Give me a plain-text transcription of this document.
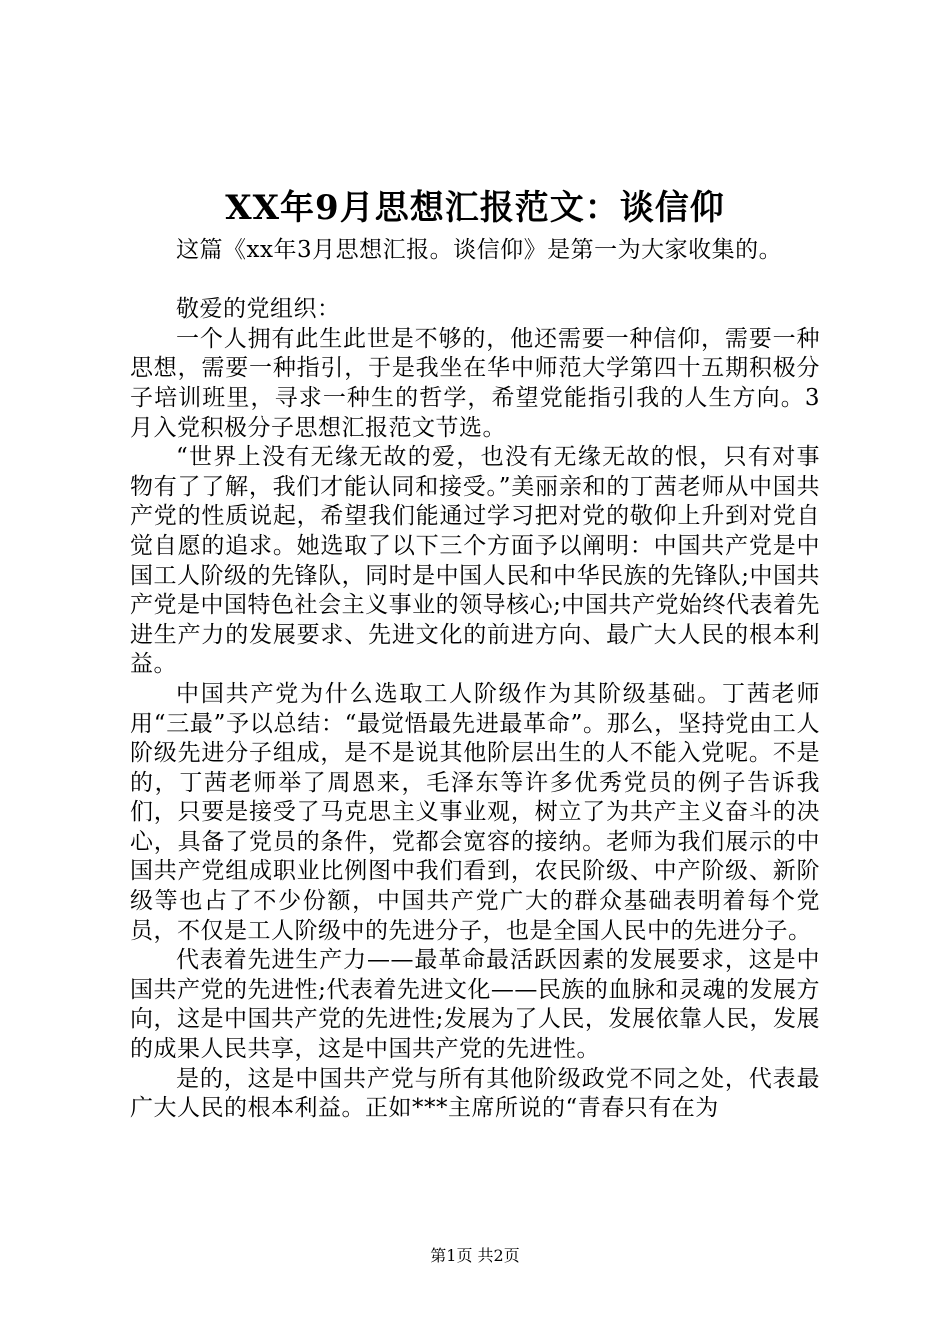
XX年9月思想汇报范文：谈信仰

这篇《xx年3月思想汇报。谈信仰》是第一为大家收集的。

敬爱的党组织：

一个人拥有此生此世是不够的，他还需要一种信仰，需要一种思想，需要一种指引，于是我坐在华中师范大学第四十五期积极分子培训班里，寻求一种生的哲学，希望党能指引我的人生方向。3月入党积极分子思想汇报范文节选。

“世界上没有无缘无故的爱，也没有无缘无故的恨，只有对事物有了了解，我们才能认同和接受。”美丽亲和的丁茜老师从中国共产党的性质说起，希望我们能通过学习把对党的敬仰上升到对党自觉自愿的追求。她选取了以下三个方面予以阐明：中国共产党是中国工人阶级的先锋队，同时是中国人民和中华民族的先锋队;中国共产党是中国特色社会主义事业的领导核心;中国共产党始终代表着先进生产力的发展要求、先进文化的前进方向、最广大人民的根本利益。

中国共产党为什么选取工人阶级作为其阶级基础。丁茜老师用“三最”予以总结：“最觉悟最先进最革命”。那么，坚持党由工人阶级先进分子组成，是不是说其他阶层出生的人不能入党呢。不是的，丁茜老师举了周恩来，毛泽东等许多优秀党员的例子告诉我们，只要是接受了马克思主义事业观，树立了为共产主义奋斗的决心，具备了党员的条件，党都会宽容的接纳。老师为我们展示的中国共产党组成职业比例图中我们看到，农民阶级、中产阶级、新阶级等也占了不少份额，中国共产党广大的群众基础表明着每个党员，不仅是工人阶级中的先进分子，也是全国人民中的先进分子。

代表着先进生产力——最革命最活跃因素的发展要求，这是中国共产党的先进性;代表着先进文化——民族的血脉和灵魂的发展方向，这是中国共产党的先进性;发展为了人民，发展依靠人民，发展的成果人民共享，这是中国共产党的先进性。

是的，这是中国共产党与所有其他阶级政党不同之处，代表最广大人民的根本利益。正如***主席所说的“青春只有在为

第1页 共2页
